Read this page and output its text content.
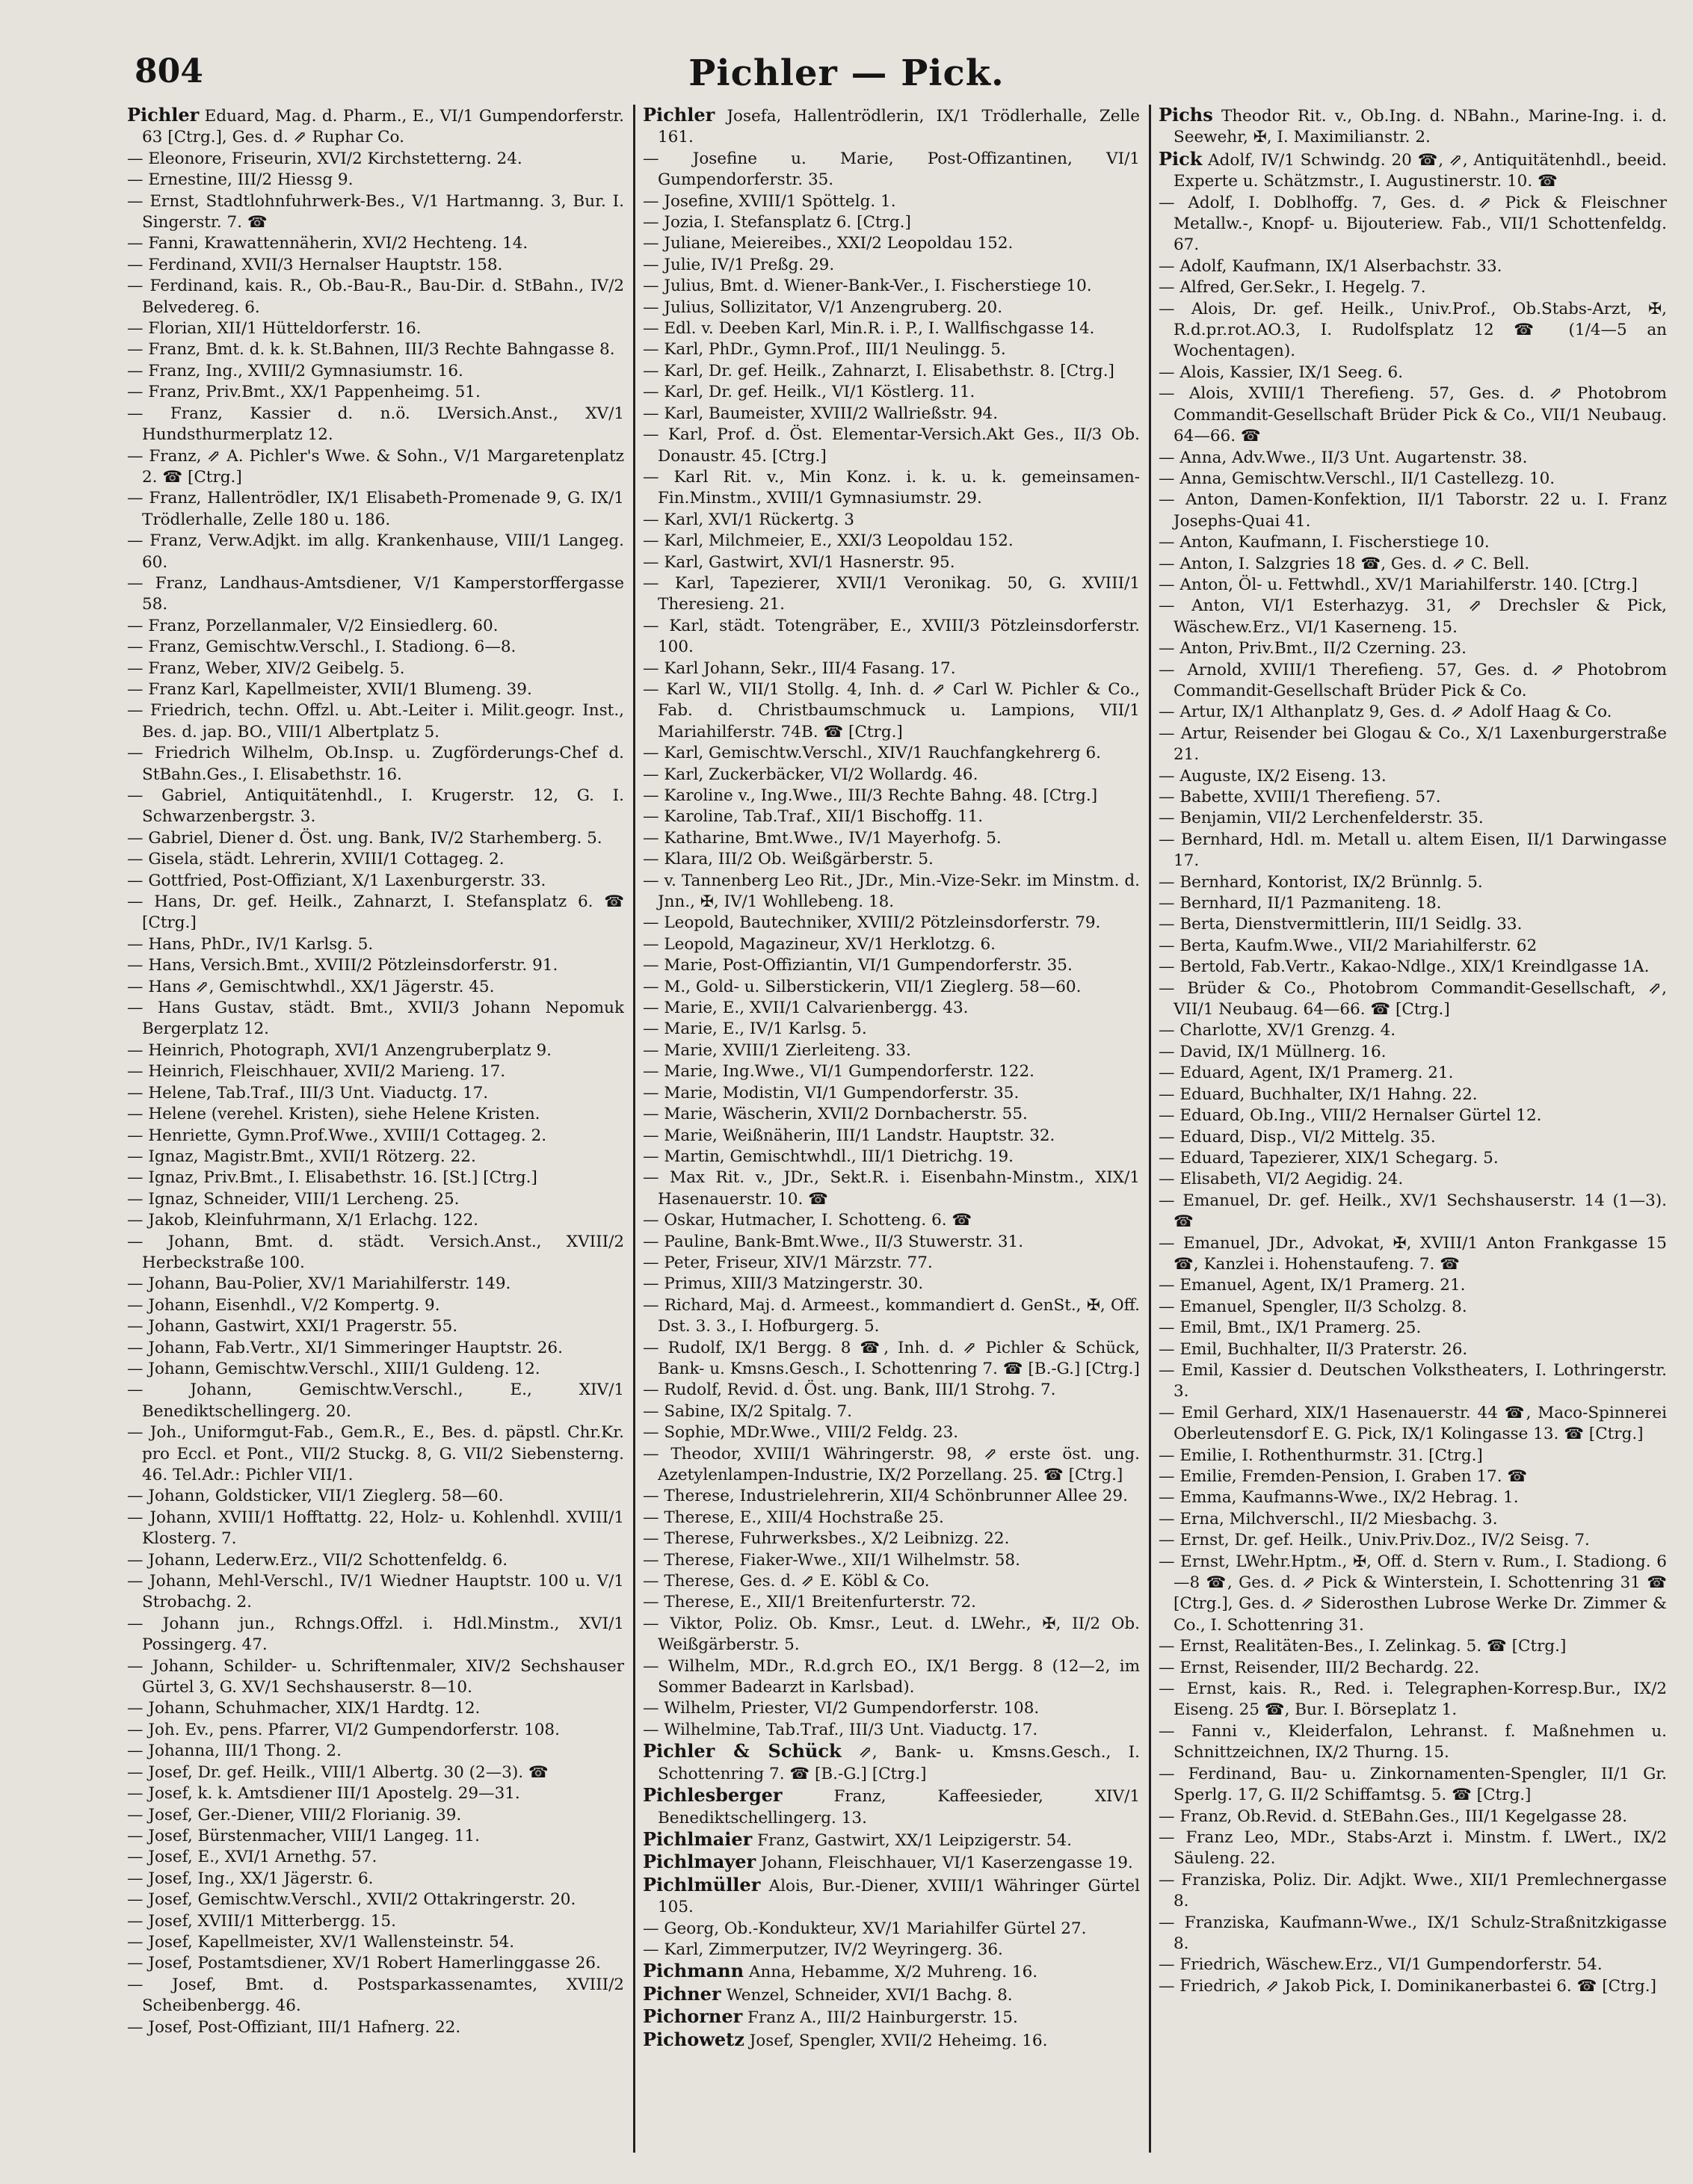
804	Pichler — Pick.
Pichler Eduard, Mag. d. Pharm., E., VI/1 Gumpendorferstr. 63 [Ctrg.], Ges. d. ⇗ Ruphar Co.
— Eleonore, Friseurin, XVI/2 Kirchstetterng. 24.
— Ernestine, III/2 Hiessg 9.
— Ernst, Stadtlohnfuhrwerk-Bes., V/1 Hartmanng. 3, Bur. I. Singerstr. 7. ☎
— Fanni, Krawattennäherin, XVI/2 Hechteng. 14.
— Ferdinand, XVII/3 Hernalser Hauptstr. 158.
— Ferdinand, kais. R., Ob.-Bau-R., Bau-Dir. d. StBahn., IV/2 Belvedereg. 6.
— Florian, XII/1 Hütteldorferstr. 16.
— Franz, Bmt. d. k. k. St.Bahnen, III/3 Rechte Bahngasse 8.
— Franz, Ing., XVIII/2 Gymnasiumstr. 16.
— Franz, Priv.Bmt., XX/1 Pappenheimg. 51.
— Franz, Kassier d. n.ö. LVersich.Anst., XV/1 Hundsthurmerplatz 12.
— Franz, ⇗ A. Pichler's Wwe. & Sohn., V/1 Margaretenplatz 2. ☎ [Ctrg.]
— Franz, Hallentrödler, IX/1 Elisabeth-Promenade 9, G. IX/1 Trödlerhalle, Zelle 180 u. 186.
— Franz, Verw.Adjkt. im allg. Krankenhause, VIII/1 Langeg. 60.
— Franz, Landhaus-Amtsdiener, V/1 Kamperstorffergasse 58.
— Franz, Porzellanmaler, V/2 Einsiedlerg. 60.
— Franz, Gemischtw.Verschl., I. Stadiong. 6—8.
— Franz, Weber, XIV/2 Geibelg. 5.
— Franz Karl, Kapellmeister, XVII/1 Blumeng. 39.
— Friedrich, techn. Offzl. u. Abt.-Leiter i. Milit.geogr. Inst., Bes. d. jap. BO., VIII/1 Albertplatz 5.
— Friedrich Wilhelm, Ob.Insp. u. Zugförderungs-Chef d. StBahn.Ges., I. Elisabethstr. 16.
— Gabriel, Antiquitätenhdl., I. Krugerstr. 12, G. I. Schwarzenbergstr. 3.
— Gabriel, Diener d. Öst. ung. Bank, IV/2 Starhemberg. 5.
— Gisela, städt. Lehrerin, XVIII/1 Cottageg. 2.
— Gottfried, Post-Offiziant, X/1 Laxenburgerstr. 33.
— Hans, Dr. gef. Heilk., Zahnarzt, I. Stefansplatz 6. ☎ [Ctrg.]
— Hans, PhDr., IV/1 Karlsg. 5.
— Hans, Versich.Bmt., XVIII/2 Pötzleinsdorferstr. 91.
— Hans ⇗, Gemischtwhdl., XX/1 Jägerstr. 45.
— Hans Gustav, städt. Bmt., XVII/3 Johann Nepomuk Bergerplatz 12.
— Heinrich, Photograph, XVI/1 Anzengruberplatz 9.
— Heinrich, Fleischhauer, XVII/2 Marieng. 17.
— Helene, Tab.Traf., III/3 Unt. Viaductg. 17.
— Helene (verehel. Kristen), siehe Helene Kristen.
— Henriette, Gymn.Prof.Wwe., XVIII/1 Cottageg. 2.
— Ignaz, Magistr.Bmt., XVII/1 Rötzerg. 22.
— Ignaz, Priv.Bmt., I. Elisabethstr. 16. [St.] [Ctrg.]
— Ignaz, Schneider, VIII/1 Lercheng. 25.
— Jakob, Kleinfuhrmann, X/1 Erlachg. 122.
— Johann, Bmt. d. städt. Versich.Anst., XVIII/2 Herbeckstraße 100.
— Johann, Bau-Polier, XV/1 Mariahilferstr. 149.
— Johann, Eisenhdl., V/2 Kompertg. 9.
— Johann, Gastwirt, XXI/1 Pragerstr. 55.
— Johann, Fab.Vertr., XI/1 Simmeringer Hauptstr. 26.
— Johann, Gemischtw.Verschl., XIII/1 Guldeng. 12.
— Johann, Gemischtw.Verschl., E., XIV/1 Benediktschellingerg. 20.
— Joh., Uniformgut-Fab., Gem.R., E., Bes. d. päpstl. Chr.Kr. pro Eccl. et Pont., VII/2 Stuckg. 8, G. VII/2 Siebensterng. 46. Tel.Adr.: Pichler VII/1.
— Johann, Goldsticker, VII/1 Zieglerg. 58—60.
— Johann, XVIII/1 Hofftattg. 22, Holz- u. Kohlenhdl. XVIII/1 Klosterg. 7.
— Johann, Lederw.Erz., VII/2 Schottenfeldg. 6.
— Johann, Mehl-Verschl., IV/1 Wiedner Hauptstr. 100 u. V/1 Strobachg. 2.
— Johann jun., Rchngs.Offzl. i. Hdl.Minstm., XVI/1 Possingerg. 47.
— Johann, Schilder- u. Schriftenmaler, XIV/2 Sechshauser Gürtel 3, G. XV/1 Sechshauserstr. 8—10.
— Johann, Schuhmacher, XIX/1 Hardtg. 12.
— Joh. Ev., pens. Pfarrer, VI/2 Gumpendorferstr. 108.
— Johanna, III/1 Thong. 2.
— Josef, Dr. gef. Heilk., VIII/1 Albertg. 30 (2—3). ☎
— Josef, k. k. Amtsdiener III/1 Apostelg. 29—31.
— Josef, Ger.-Diener, VIII/2 Florianig. 39.
— Josef, Bürstenmacher, VIII/1 Langeg. 11.
— Josef, E., XVI/1 Arnethg. 57.
— Josef, Ing., XX/1 Jägerstr. 6.
— Josef, Gemischtw.Verschl., XVII/2 Ottakringerstr. 20.
— Josef, XVIII/1 Mitterbergg. 15.
— Josef, Kapellmeister, XV/1 Wallensteinstr. 54.
— Josef, Postamtsdiener, XV/1 Robert Hamerlinggasse 26.
— Josef, Bmt. d. Postsparkassenamtes, XVIII/2 Scheibenbergg. 46.
— Josef, Post-Offiziant, III/1 Hafnerg. 22.
Pichler Josefa, Hallentrödlerin, IX/1 Trödlerhalle, Zelle 161.
— Josefine u. Marie, Post-Offizantinen, VI/1 Gumpendorferstr. 35.
— Josefine, XVIII/1 Spöttelg. 1.
— Jozia, I. Stefansplatz 6. [Ctrg.]
— Juliane, Meiereibes., XXI/2 Leopoldau 152.
— Julie, IV/1 Preßg. 29.
— Julius, Bmt. d. Wiener-Bank-Ver., I. Fischerstiege 10.
— Julius, Sollizitator, V/1 Anzengruberg. 20.
— Edl. v. Deeben Karl, Min.R. i. P., I. Wallfischgasse 14.
— Karl, PhDr., Gymn.Prof., III/1 Neulingg. 5.
— Karl, Dr. gef. Heilk., Zahnarzt, I. Elisabethstr. 8. [Ctrg.]
— Karl, Dr. gef. Heilk., VI/1 Köstlerg. 11.
— Karl, Baumeister, XVIII/2 Wallrießstr. 94.
— Karl, Prof. d. Öst. Elementar-Versich.Akt Ges., II/3 Ob. Donaustr. 45. [Ctrg.]
— Karl Rit. v., Min Konz. i. k. u. k. gemeinsamen-Fin.Minstm., XVIII/1 Gymnasiumstr. 29.
— Karl, XVI/1 Rückertg. 3
— Karl, Milchmeier, E., XXI/3 Leopoldau 152.
— Karl, Gastwirt, XVI/1 Hasnerstr. 95.
— Karl, Tapezierer, XVII/1 Veronikag. 50, G. XVIII/1 Theresieng. 21.
— Karl, städt. Totengräber, E., XVIII/3 Pötzleinsdorferstr. 100.
— Karl Johann, Sekr., III/4 Fasang. 17.
— Karl W., VII/1 Stollg. 4, Inh. d. ⇗ Carl W. Pichler & Co., Fab. d. Christbaumschmuck u. Lampions, VII/1 Mariahilferstr. 74B. ☎ [Ctrg.]
— Karl, Gemischtw.Verschl., XIV/1 Rauchfangkehrerg 6.
— Karl, Zuckerbäcker, VI/2 Wollardg. 46.
— Karoline v., Ing.Wwe., III/3 Rechte Bahng. 48. [Ctrg.]
— Karoline, Tab.Traf., XII/1 Bischoffg. 11.
— Katharine, Bmt.Wwe., IV/1 Mayerhofg. 5.
— Klara, III/2 Ob. Weißgärberstr. 5.
— v. Tannenberg Leo Rit., JDr., Min.-Vize-Sekr. im Minstm. d. Jnn., ✠, IV/1 Wohllebeng. 18.
— Leopold, Bautechniker, XVIII/2 Pötzleinsdorferstr. 79.
— Leopold, Magazineur, XV/1 Herklotzg. 6.
— Marie, Post-Offiziantin, VI/1 Gumpendorferstr. 35.
— M., Gold- u. Silberstickerin, VII/1 Zieglerg. 58—60.
— Marie, E., XVII/1 Calvarienbergg. 43.
— Marie, E., IV/1 Karlsg. 5.
— Marie, XVIII/1 Zierleiteng. 33.
— Marie, Ing.Wwe., VI/1 Gumpendorferstr. 122.
— Marie, Modistin, VI/1 Gumpendorferstr. 35.
— Marie, Wäscherin, XVII/2 Dornbacherstr. 55.
— Marie, Weißnäherin, III/1 Landstr. Hauptstr. 32.
— Martin, Gemischtwhdl., III/1 Dietrichg. 19.
— Max Rit. v., JDr., Sekt.R. i. Eisenbahn-Minstm., XIX/1 Hasenauerstr. 10. ☎
— Oskar, Hutmacher, I. Schotteng. 6. ☎
— Pauline, Bank-Bmt.Wwe., II/3 Stuwerstr. 31.
— Peter, Friseur, XIV/1 Märzstr. 77.
— Primus, XIII/3 Matzingerstr. 30.
— Richard, Maj. d. Armeest., kommandiert d. GenSt., ✠, Off. Dst. 3. 3., I. Hofburgerg. 5.
— Rudolf, IX/1 Bergg. 8 ☎, Inh. d. ⇗ Pichler & Schück, Bank- u. Kmsns.Gesch., I. Schottenring 7. ☎ [B.-G.] [Ctrg.]
— Rudolf, Revid. d. Öst. ung. Bank, III/1 Strohg. 7.
— Sabine, IX/2 Spitalg. 7.
— Sophie, MDr.Wwe., VIII/2 Feldg. 23.
— Theodor, XVIII/1 Währingerstr. 98, ⇗ erste öst. ung. Azetylenlampen-Industrie, IX/2 Porzellang. 25. ☎ [Ctrg.]
— Therese, Industrielehrerin, XII/4 Schönbrunner Allee 29.
— Therese, E., XIII/4 Hochstraße 25.
— Therese, Fuhrwerksbes., X/2 Leibnizg. 22.
— Therese, Fiaker-Wwe., XII/1 Wilhelmstr. 58.
— Therese, Ges. d. ⇗ E. Köbl & Co.
— Therese, E., XII/1 Breitenfurterstr. 72.
— Viktor, Poliz. Ob. Kmsr., Leut. d. LWehr., ✠, II/2 Ob. Weißgärberstr. 5.
— Wilhelm, MDr., R.d.grch EO., IX/1 Bergg. 8 (12—2, im Sommer Badearzt in Karlsbad).
— Wilhelm, Priester, VI/2 Gumpendorferstr. 108.
— Wilhelmine, Tab.Traf., III/3 Unt. Viaductg. 17.
Pichler & Schück ⇗, Bank- u. Kmsns.Gesch., I. Schottenring 7. ☎ [B.-G.] [Ctrg.]
Pichlesberger	Franz, Kaffeesieder, XIV/1 Benediktschellingerg. 13.
Pichlmaier Franz, Gastwirt, XX/1 Leipzigerstr. 54.
Pichlmayer Johann, Fleischhauer, VI/1 Kaserzengasse 19.
Pichlmüller Alois, Bur.-Diener, XVIII/1 Währinger Gürtel 105.
— Georg, Ob.-Kondukteur, XV/1 Mariahilfer Gürtel 27.
— Karl, Zimmerputzer, IV/2 Weyringerg. 36.
Pichmann Anna, Hebamme, X/2 Muhreng. 16.
Pichner Wenzel, Schneider, XVI/1 Bachg. 8.
Pichorner Franz A., III/2 Hainburgerstr. 15.
Pichowetz Josef, Spengler, XVII/2 Heheimg. 16.
Pichs Theodor Rit. v., Ob.Ing. d. NBahn., Marine-Ing. i. d. Seewehr, ✠, I. Maximilianstr. 2.
Pick Adolf, IV/1 Schwindg. 20 ☎, ⇗, Antiquitätenhdl., beeid. Experte u. Schätzmstr., I. Augustinerstr. 10. ☎
— Adolf, I. Doblhoffg. 7, Ges. d. ⇗ Pick & Fleischner Metallw.-, Knopf- u. Bijouteriew. Fab., VII/1 Schottenfeldg. 67.
— Adolf, Kaufmann, IX/1 Alserbachstr. 33.
— Alfred, Ger.Sekr., I. Hegelg. 7.
— Alois, Dr. gef. Heilk., Univ.Prof., Ob.Stabs-Arzt, ✠, R.d.pr.rot.AO.3, I. Rudolfsplatz 12 ☎ (1/4—5 an Wochentagen).
— Alois, Kassier, IX/1 Seeg. 6.
— Alois, XVIII/1 Therefieng. 57, Ges. d. ⇗ Photobrom Commandit-Gesellschaft Brüder Pick & Co., VII/1 Neubaug. 64—66. ☎
— Anna, Adv.Wwe., II/3 Unt. Augartenstr. 38.
— Anna, Gemischtw.Verschl., II/1 Castellezg. 10.
— Anton, Damen-Konfektion, II/1 Taborstr. 22 u. I. Franz Josephs-Quai 41.
— Anton, Kaufmann, I. Fischerstiege 10.
— Anton, I. Salzgries 18 ☎, Ges. d. ⇗ C. Bell.
— Anton, Öl- u. Fettwhdl., XV/1 Mariahilferstr. 140. [Ctrg.]
— Anton, VI/1 Esterhazyg. 31, ⇗ Drechsler & Pick, Wäschew.Erz., VI/1 Kaserneng. 15.
— Anton, Priv.Bmt., II/2 Czerning. 23.
— Arnold, XVIII/1 Therefieng. 57, Ges. d. ⇗ Photobrom Commandit-Gesellschaft Brüder Pick & Co.
— Artur, IX/1 Althanplatz 9, Ges. d. ⇗ Adolf Haag & Co.
— Artur, Reisender bei Glogau & Co., X/1 Laxenburgerstraße 21.
— Auguste, IX/2 Eiseng. 13.
— Babette, XVIII/1 Therefieng. 57.
— Benjamin, VII/2 Lerchenfelderstr. 35.
— Bernhard, Hdl. m. Metall u. altem Eisen, II/1 Darwingasse 17.
— Bernhard, Kontorist, IX/2 Brünnlg. 5.
— Bernhard, II/1 Pazmaniteng. 18.
— Berta, Dienstvermittlerin, III/1 Seidlg. 33.
— Berta, Kaufm.Wwe., VII/2 Mariahilferstr. 62
— Bertold, Fab.Vertr., Kakao-Ndlge., XIX/1 Kreindlgasse 1A.
— Brüder & Co., Photobrom Commandit-Gesellschaft, ⇗, VII/1 Neubaug. 64—66. ☎ [Ctrg.]
— Charlotte, XV/1 Grenzg. 4.
— David, IX/1 Müllnerg. 16.
— Eduard, Agent, IX/1 Pramerg. 21.
— Eduard, Buchhalter, IX/1 Hahng. 22.
— Eduard, Ob.Ing., VIII/2 Hernalser Gürtel 12.
— Eduard, Disp., VI/2 Mittelg. 35.
— Eduard, Tapezierer, XIX/1 Schegarg. 5.
— Elisabeth, VI/2 Aegidig. 24.
— Emanuel, Dr. gef. Heilk., XV/1 Sechshauserstr. 14 (1—3). ☎
— Emanuel, JDr., Advokat, ✠, XVIII/1 Anton Frankgasse 15 ☎, Kanzlei i. Hohenstaufeng. 7. ☎
— Emanuel, Agent, IX/1 Pramerg. 21.
— Emanuel, Spengler, II/3 Scholzg. 8.
— Emil, Bmt., IX/1 Pramerg. 25.
— Emil, Buchhalter, II/3 Praterstr. 26.
— Emil, Kassier d. Deutschen Volkstheaters, I. Lothringerstr. 3.
— Emil Gerhard, XIX/1 Hasenauerstr. 44 ☎, Maco-Spinnerei Oberleutensdorf E. G. Pick, IX/1 Kolingasse 13. ☎ [Ctrg.]
— Emilie, I. Rothenthurmstr. 31. [Ctrg.]
— Emilie, Fremden-Pension, I. Graben 17. ☎
— Emma, Kaufmanns-Wwe., IX/2 Hebrag. 1.
— Erna, Milchverschl., II/2 Miesbachg. 3.
— Ernst, Dr. gef. Heilk., Univ.Priv.Doz., IV/2 Seisg. 7.
— Ernst, LWehr.Hptm., ✠, Off. d. Stern v. Rum., I. Stadiong. 6—8 ☎, Ges. d. ⇗ Pick & Winterstein, I. Schottenring 31 ☎ [Ctrg.], Ges. d. ⇗ Siderosthen Lubrose Werke Dr. Zimmer & Co., I. Schottenring 31.
— Ernst, Realitäten-Bes., I. Zelinkag. 5. ☎ [Ctrg.]
— Ernst, Reisender, III/2 Bechardg. 22.
— Ernst, kais. R., Red. i. Telegraphen-Korresp.Bur., IX/2 Eiseng. 25 ☎, Bur. I. Börseplatz 1.
— Fanni v., Kleiderfalon, Lehranst. f. Maßnehmen u. Schnittzeichnen, IX/2 Thurng. 15.
— Ferdinand, Bau- u. Zinkornamenten-Spengler, II/1 Gr. Sperlg. 17, G. II/2 Schiffamtsg. 5. ☎ [Ctrg.]
— Franz, Ob.Revid. d. StEBahn.Ges., III/1 Kegelgasse 28.
— Franz Leo, MDr., Stabs-Arzt i. Minstm. f. LWert., IX/2 Säuleng. 22.
— Franziska, Poliz. Dir. Adjkt. Wwe., XII/1 Premlechnergasse 8.
— Franziska, Kaufmann-Wwe., IX/1 Schulz-Straßnitzkigasse 8.
— Friedrich, Wäschew.Erz., VI/1 Gumpendorferstr. 54.
— Friedrich, ⇗ Jakob Pick, I. Dominikanerbastei 6. ☎ [Ctrg.]
